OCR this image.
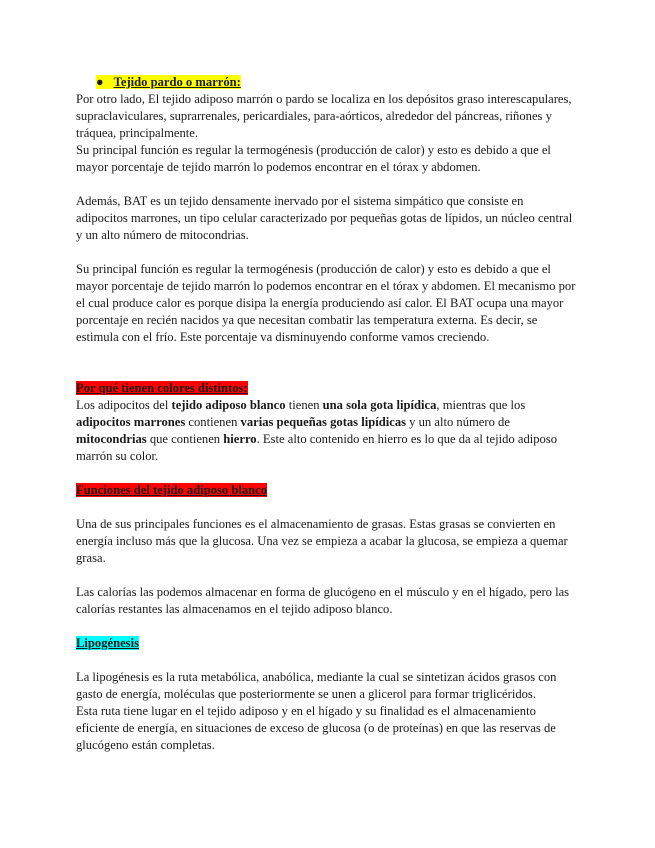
● Tejido pardo o marrón:

Por otro lado, El tejido adiposo marrón o pardo se localiza en los depósitos graso interescapulares, supraclaviculares, suprarrenales, pericardiales, para-aórticos, alrededor del páncreas, riñones y tráquea, principalmente.

Su principal función es regular la termogénesis (producción de calor) y esto es debido a que el mayor porcentaje de tejido marrón lo podemos encontrar en el tórax y abdomen.

Además, BAT es un tejido densamente inervado por el sistema simpático que consiste en adipocitos marrones, un tipo celular caracterizado por pequeñas gotas de lípidos, un núcleo central y un alto número de mitocondrias.

Su principal función es regular la termogénesis (producción de calor) y esto es debido a que el mayor porcentaje de tejido marrón lo podemos encontrar en el tórax y abdomen. El mecanismo por el cual produce calor es porque disipa la energía produciendo así calor. El BAT ocupa una mayor porcentaje en recién nacidos ya que necesitan combatir las temperatura externa. Es decir, se estimula con el frío. Este porcentaje va disminuyendo conforme vamos creciendo.

Por qué tienen colores distintos:

Los adipocitos del tejido adiposo blanco tienen una sola gota lipídica, mientras que los adipocitos marrones contienen varias pequeñas gotas lipídicas y un alto número de mitocondrias que contienen hierro. Este alto contenido en hierro es lo que da al tejido adiposo marrón su color.

Funciones del tejido adiposo blanco

Una de sus principales funciones es el almacenamiento de grasas. Estas grasas se convierten en energía incluso más que la glucosa. Una vez se empieza a acabar la glucosa, se empieza a quemar grasa.

Las calorías las podemos almacenar en forma de glucógeno en el músculo y en el hígado, pero las calorías restantes las almacenamos en el tejido adiposo blanco.

Lipogénesis

La lipogénesis es la ruta metabólica, anabólica, mediante la cual se sintetizan ácidos grasos con gasto de energía, moléculas que posteriormente se unen a glicerol para formar triglicéridos.

Esta ruta tiene lugar en el tejido adiposo y en el hígado y su finalidad es el almacenamiento eficiente de energía, en situaciones de exceso de glucosa (o de proteínas) en que las reservas de glucógeno están completas.
